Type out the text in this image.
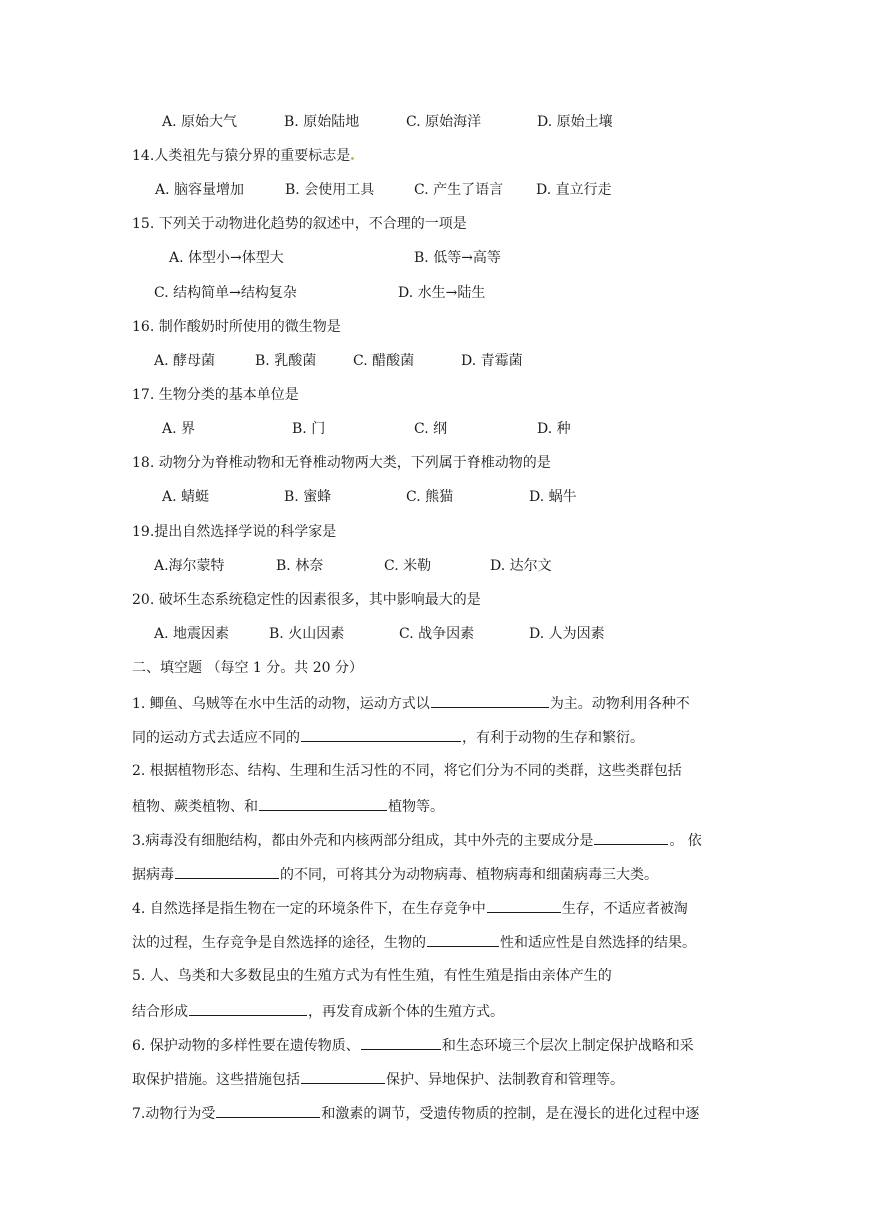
A. 原始大气	B. 原始陆地	C. 原始海洋	D. 原始土壤
14.人类祖先与猿分界的重要标志是
A. 脑容量增加	B. 会使用工具	C. 产生了语言 D. 直立行走
15. 下列关于动物进化趋势的叙述中，不合理的一项是
A. 体型小→体型大	B. 低等→高等
C. 结构简单→结构复杂	D. 水生→陆生
16. 制作酸奶时所使用的微生物是
A. 酵母菌	B. 乳酸菌	C. 醋酸菌	D. 青霉菌
17. 生物分类的基本单位是
A. 界	B. 门	C. 纲	D. 种
18. 动物分为脊椎动物和无脊椎动物两大类，下列属于脊椎动物的是
A. 蜻蜓	B. 蜜蜂	C. 熊猫	D. 蜗牛
19.提出自然选择学说的科学家是
A.海尔蒙特	B. 林奈	C. 米勒	D. 达尔文
20. 破坏生态系统稳定性的因素很多，其中影响最大的是
A. 地震因素	B. 火山因素	C. 战争因素	D. 人为因素
二、填空题 （每空 1 分。共 20 分）
1. 鲫鱼、乌贼等在水中生活的动物，运动方式以	为主。动物利用各种不
同的运动方式去适应不同的	，有利于动物的生存和繁衍。
2. 根据植物形态、结构、生理和生活习性的不同，将它们分为不同的类群，这些类群包括
植物、蕨类植物、和	植物等。
3.病毒没有细胞结构，都由外壳和内核两部分组成，其中外壳的主要成分是	。 依
据病毒	的不同，可将其分为动物病毒、植物病毒和细菌病毒三大类。
4. 自然选择是指生物在一定的环境条件下，在生存竞争中	生存，不适应者被淘
汰的过程，生存竞争是自然选择的途径，生物的	性和适应性是自然选择的结果。
5. 人、鸟类和大多数昆虫的生殖方式为有性生殖，有性生殖是指由亲体产生的
结合形成	，再发育成新个体的生殖方式。
6. 保护动物的多样性要在遗传物质、	和生态环境三个层次上制定保护战略和采
取保护措施。这些措施包括	保护、异地保护、法制教育和管理等。
7.动物行为受	和激素的调节，受遗传物质的控制，是在漫长的进化过程中逐
